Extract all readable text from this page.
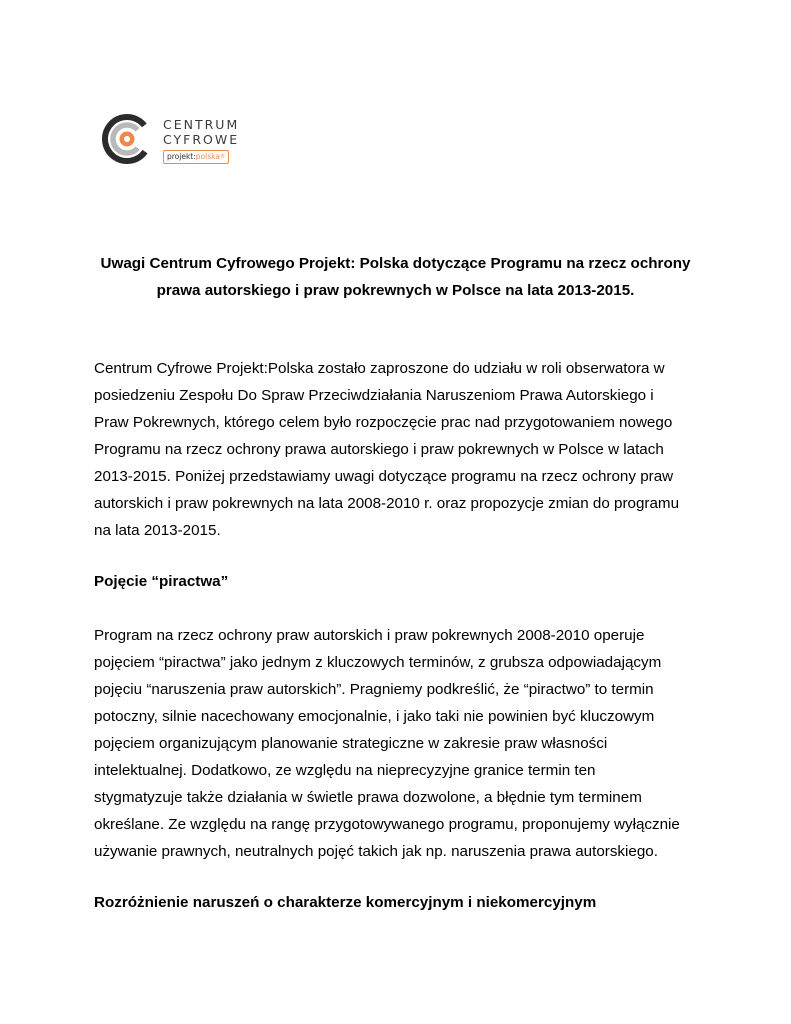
CENTRUM
CYFROWE
projekt:polska®
Uwagi Centrum Cyfrowego Projekt: Polska dotyczące Programu na rzecz ochrony
prawa autorskiego i praw pokrewnych w Polsce na lata 2013-2015.

Centrum Cyfrowe Projekt:Polska zostało zaproszone do udziału w roli obserwatora w
posiedzeniu Zespołu Do Spraw Przeciwdziałania Naruszeniom Prawa Autorskiego i
Praw Pokrewnych, którego celem było rozpoczęcie prac nad przygotowaniem nowego
Programu na rzecz ochrony prawa autorskiego i praw pokrewnych w Polsce w latach
2013-2015. Poniżej przedstawiamy uwagi dotyczące programu na rzecz ochrony praw
autorskich i praw pokrewnych na lata 2008-2010 r. oraz propozycje zmian do programu
na lata 2013-2015.

Pojęcie “piractwa”

Program na rzecz ochrony praw autorskich i praw pokrewnych 2008-2010 operuje
pojęciem “piractwa” jako jednym z kluczowych terminów, z grubsza odpowiadającym
pojęciu “naruszenia praw autorskich”. Pragniemy podkreślić, że “piractwo” to termin
potoczny, silnie nacechowany emocjonalnie, i jako taki nie powinien być kluczowym
pojęciem organizującym planowanie strategiczne w zakresie praw własności
intelektualnej. Dodatkowo, ze względu na nieprecyzyjne granice termin ten
stygmatyzuje także działania w świetle prawa dozwolone, a błędnie tym terminem
określane. Ze względu na rangę przygotowywanego programu, proponujemy wyłącznie
używanie prawnych, neutralnych pojęć takich jak np. naruszenia prawa autorskiego.

Rozróżnienie naruszeń o charakterze komercyjnym i niekomercyjnym
